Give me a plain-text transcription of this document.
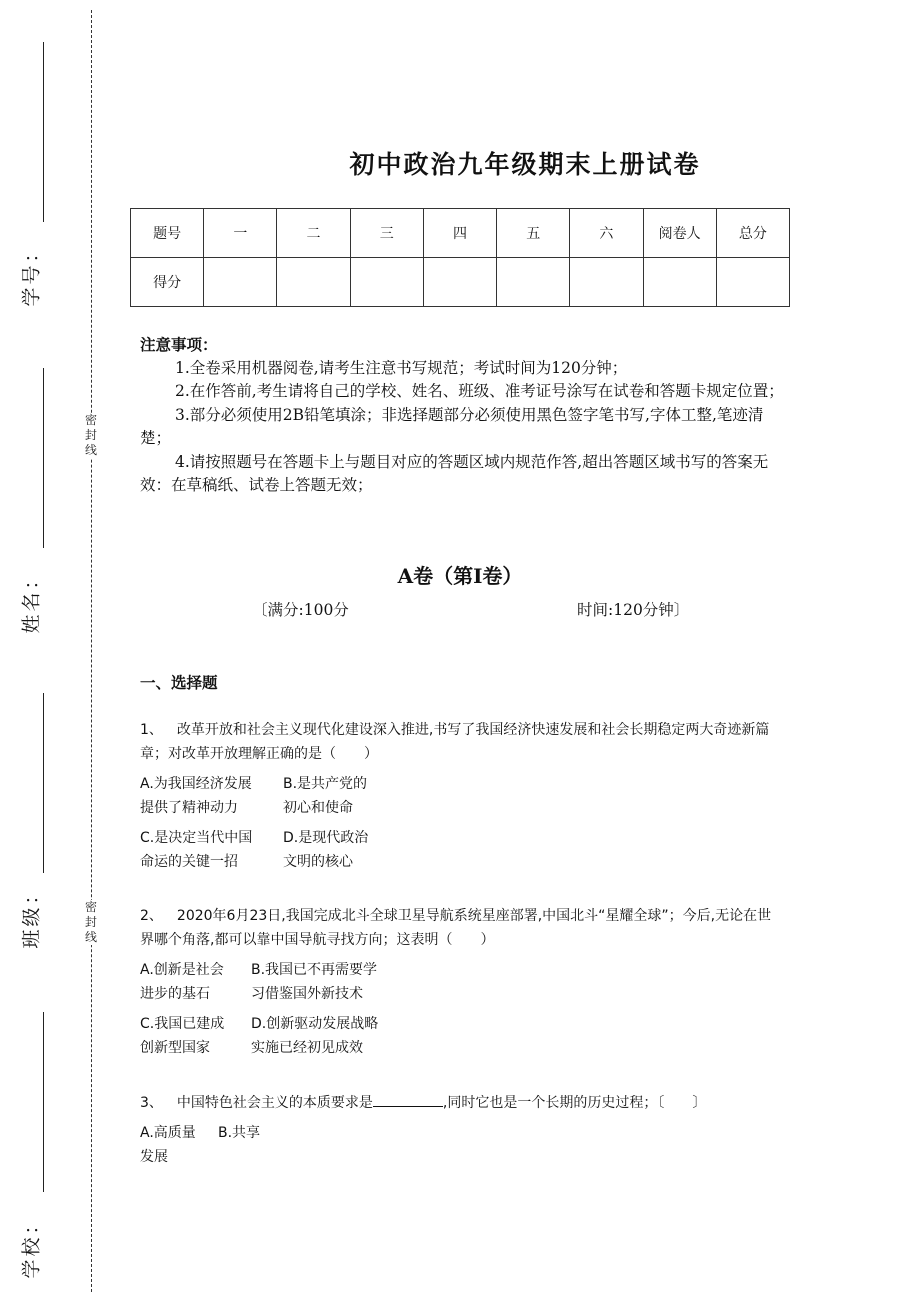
密
封
线
密
封
线
学号：
姓名：
班级：
学校：
初中政治九年级期末上册试卷
题号	一	二	三	四	五	六	阅卷人	总分
得分								
注意事项：
1.全卷采用机器阅卷,请考生注意书写规范；考试时间为120分钟；
2.在作答前,考生请将自己的学校、姓名、班级、准考证号涂写在试卷和答题卡规定位置；
3.部分必须使用2B铅笔填涂；非选择题部分必须使用黑色签字笔书写,字体工整,笔迹清楚；
4.请按照题号在答题卡上与题目对应的答题区域内规范作答,超出答题区域书写的答案无效：在草稿纸、试卷上答题无效；
A卷（第I卷）
〔满分:100分	时间:120分钟〕
一、选择题
1、  改革开放和社会主义现代化建设深入推进,书写了我国经济快速发展和社会长期稳定两大奇迹新篇章；对改革开放理解正确的是（　　）
A.为我国经济发展
提供了精神动力
B.是共产党的
初心和使命
C.是决定当代中国
命运的关键一招
D.是现代政治
文明的核心
2、  2020年6月23日,我国完成北斗全球卫星导航系统星座部署,中国北斗“星耀全球”；今后,无论在世界哪个角落,都可以靠中国导航寻找方向；这表明（　　）
A.创新是社会
进步的基石
B.我国已不再需要学
习借鉴国外新技术
C.我国已建成
创新型国家
D.创新驱动发展战略
实施已经初见成效
3、  中国特色社会主义的本质要求是	,同时它也是一个长期的历史过程；〔　　〕
A.高质量
发展
B.共享
